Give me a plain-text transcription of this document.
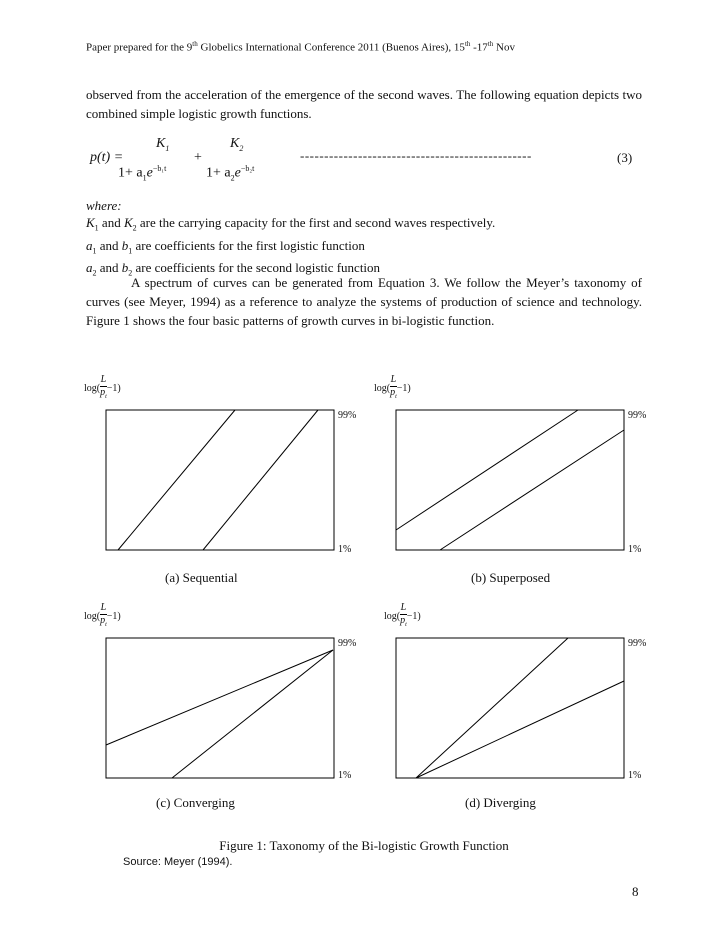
Paper prepared for the 9th Globelics International Conference 2011 (Buenos Aires), 15th -17th Nov
observed from the acceleration of the emergence of the second waves. The following equation depicts two combined simple logistic growth functions.
p(t) =
$K_1$	$K_2$
+
$1+ a_1e^{-b_1t}$	$1+ a_2e^{-b_2t}$
------------------------------------------------	(3)
where:
$K_1$ and $K_2$ are the carrying capacity for the first and second waves respectively.
$a_1$ and $b_1$ are coefficients for the first logistic function
$a_2$ and $b_2$ are coefficients for the second logistic function
A spectrum of curves can be generated from Equation 3. We follow the Meyer’s taxonomy of curves (see Meyer, 1994) as a reference to analyze the systems of production of science and technology. Figure 1 shows the four basic patterns of growth curves in bi-logistic function.
$\log( \frac{L}{p_t} -1)$	$\log( \frac{L}{p_t} -1)$
$\log( \frac{L}{p_t} -1)$	$\log( \frac{L}{p_t} -1)$
99%
1%
99%
1%
99%
1%
99%
1%
(a) Sequential	(b) Superposed
(c) Converging	(d) Diverging
Figure 1: Taxonomy of the Bi-logistic Growth Function
Source: Meyer (1994).
8
